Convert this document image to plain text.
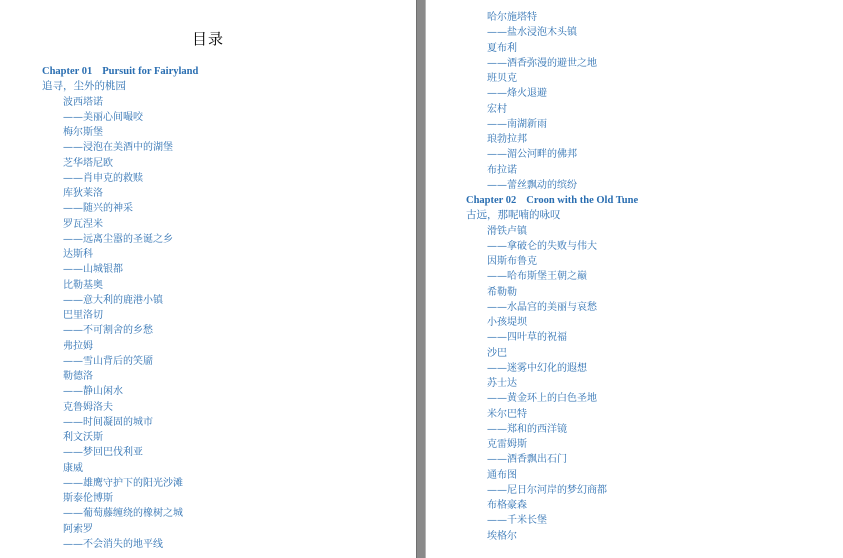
目录
Chapter 01 Pursuit for Fairyland
追寻，尘外的桃园
波西塔诺
——美丽心间嘬咬
梅尔斯堡
——浸泡在美酒中的湖堡
芝华塔尼欧
——肖申克的救赎
库狄莱洛
——随兴的神采
罗瓦涅米
——远离尘嚣的圣诞之乡
达斯科
——山城银都
比勒基奥
——意大利的鹿港小镇
巴里洛切
——不可割舍的乡愁
弗拉姆
——雪山背后的笑靥
勒德洛
——静山闲水
克鲁姆洛夫
——时间凝固的城市
利文沃斯
——梦回巴伐利亚
康威
——雄鹰守护下的阳光沙滩
斯泰伦博斯
——葡萄藤缠绕的橡树之城
阿索罗
——不会消失的地平线
哈尔施塔特
——盐水浸泡木头镇
夏布利
——酒香弥漫的避世之地
班贝克
——烽火退避
宏村
——南湖新雨
琅勃拉邦
——湄公河畔的佛邦
布拉诺
——蕾丝飘动的缤纷
Chapter 02 Croon with the Old Tune
古远，那呢喃的咏叹
滑铁卢镇
——拿破仑的失败与伟大
因斯布鲁克
——哈布斯堡王朝之巅
希勒勒
——水晶宫的美丽与哀愁
小孩堤坝
——四叶草的祝福
沙巴
——迷雾中幻化的遐想
苏士达
——黄金环上的白色圣地
米尔巴特
——郑和的西洋镜
克雷姆斯
——酒香飘出石门
通布图
——尼日尔河岸的梦幻商都
布格豪森
——千米长堡
埃格尔
